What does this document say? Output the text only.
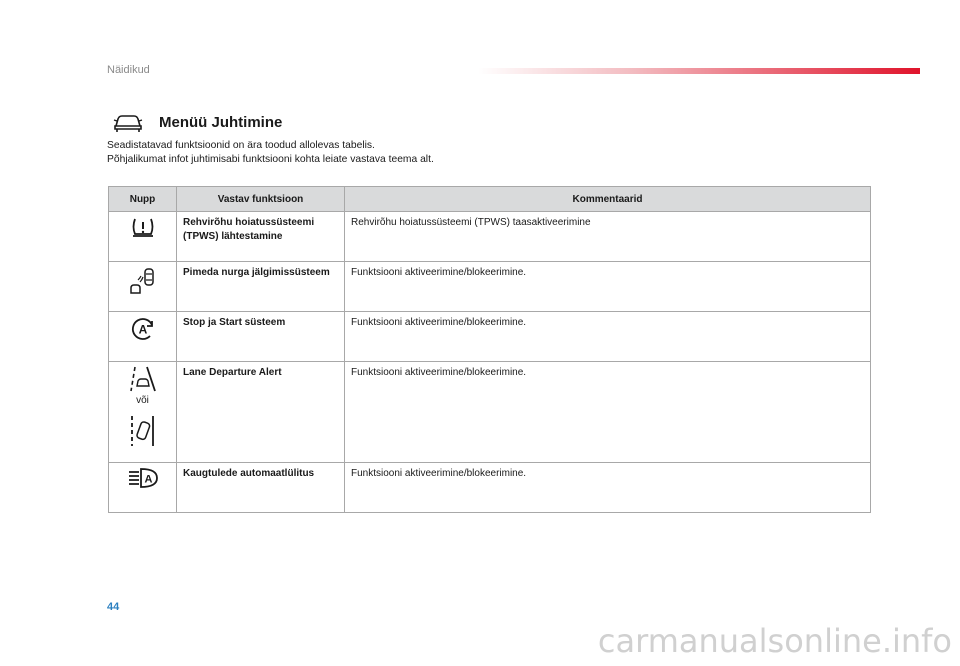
Näidikud
Menüü Juhtimine
Seadistatavad funktsioonid on ära toodud allolevas tabelis.
Põhjalikumat infot juhtimisabi funktsiooni kohta leiate vastava teema alt.
Nupp	Vastav funktsioon	Kommentaarid
	Rehvirõhu hoiatussüsteemi (TPWS) lähtestamine	Rehvirõhu hoiatussüsteemi (TPWS) taasaktiveerimine
	Pimeda nurga jälgimissüsteem	Funktsiooni aktiveerimine/blokeerimine.

A	Stop ja Start süsteem	Funktsiooni aktiveerimine/blokeerimine.

või	Lane Departure Alert	Funktsiooni aktiveerimine/blokeerimine.

A	Kaugtulede automaatlülitus	Funktsiooni aktiveerimine/blokeerimine.
44
carmanualsonline.info
